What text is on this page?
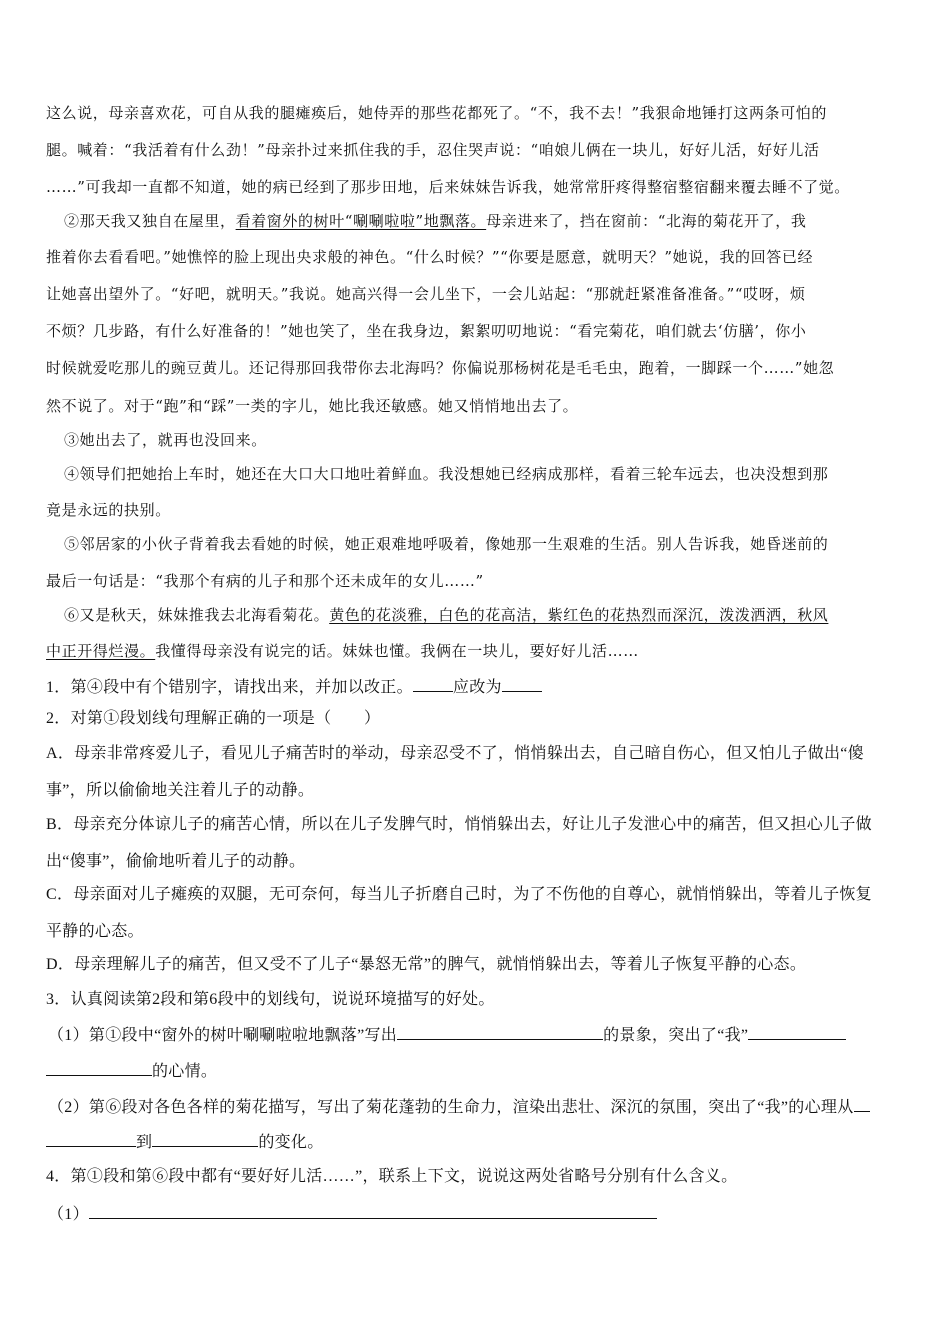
这么说，母亲喜欢花，可自从我的腿瘫痪后，她侍弄的那些花都死了。“不，我不去！”我狠命地锤打这两条可怕的
腿。喊着：“我活着有什么劲！”母亲扑过来抓住我的手，忍住哭声说：“咱娘儿俩在一块儿，好好儿活，好好儿活
……”可我却一直都不知道，她的病已经到了那步田地，后来妹妹告诉我，她常常肝疼得整宿整宿翻来覆去睡不了觉。
②那天我又独自在屋里，看着窗外的树叶“唰唰啦啦”地飘落。母亲进来了，挡在窗前：“北海的菊花开了，我
推着你去看看吧。”她憔悴的脸上现出央求般的神色。“什么时候？”“你要是愿意，就明天？”她说，我的回答已经
让她喜出望外了。“好吧，就明天。”我说。她高兴得一会儿坐下，一会儿站起：“那就赶紧准备准备。”“哎呀，烦
不烦？几步路，有什么好准备的！”她也笑了，坐在我身边，絮絮叨叨地说：“看完菊花，咱们就去‘仿膳’，你小
时候就爱吃那儿的豌豆黄儿。还记得那回我带你去北海吗？你偏说那杨树花是毛毛虫，跑着，一脚踩一个……”她忽
然不说了。对于“跑”和“踩”一类的字儿，她比我还敏感。她又悄悄地出去了。
③她出去了，就再也没回来。
④领导们把她抬上车时，她还在大口大口地吐着鲜血。我没想她已经病成那样，看着三轮车远去，也决没想到那
竟是永远的抉别。
⑤邻居家的小伙子背着我去看她的时候，她正艰难地呼吸着，像她那一生艰难的生活。别人告诉我，她昏迷前的
最后一句话是：“我那个有病的儿子和那个还未成年的女儿……”
⑥又是秋天，妹妹推我去北海看菊花。黄色的花淡雅，白色的花高洁，紫红色的花热烈而深沉，泼泼洒洒，秋风
中正开得烂漫。我懂得母亲没有说完的话。妹妹也懂。我俩在一块儿，要好好儿活……
1．第④段中有个错别字，请找出来，并加以改正。	应改为
2．对第①段划线句理解正确的一项是（　　）
A．母亲非常疼爱儿子，看见儿子痛苦时的举动，母亲忍受不了，悄悄躲出去，自己暗自伤心，但又怕儿子做出“傻
事”，所以偷偷地关注着儿子的动静。
B．母亲充分体谅儿子的痛苦心情，所以在儿子发脾气时，悄悄躲出去，好让儿子发泄心中的痛苦，但又担心儿子做
出“傻事”，偷偷地听着儿子的动静。
C．母亲面对儿子瘫痪的双腿，无可奈何，每当儿子折磨自己时，为了不伤他的自尊心，就悄悄躲出，等着儿子恢复
平静的心态。
D．母亲理解儿子的痛苦，但又受不了儿子“暴怒无常”的脾气，就悄悄躲出去，等着儿子恢复平静的心态。
3．认真阅读第2段和第6段中的划线句，说说环境描写的好处。
（1）第①段中“窗外的树叶唰唰啦啦地飘落”写出	的景象，突出了“我”
的心情。
（2）第⑥段对各色各样的菊花描写，写出了菊花蓬勃的生命力，渲染出悲壮、深沉的氛围，突出了“我”的心理从
到	的变化。
4．第①段和第⑥段中都有“要好好儿活……”，联系上下文，说说这两处省略号分别有什么含义。
（1）
